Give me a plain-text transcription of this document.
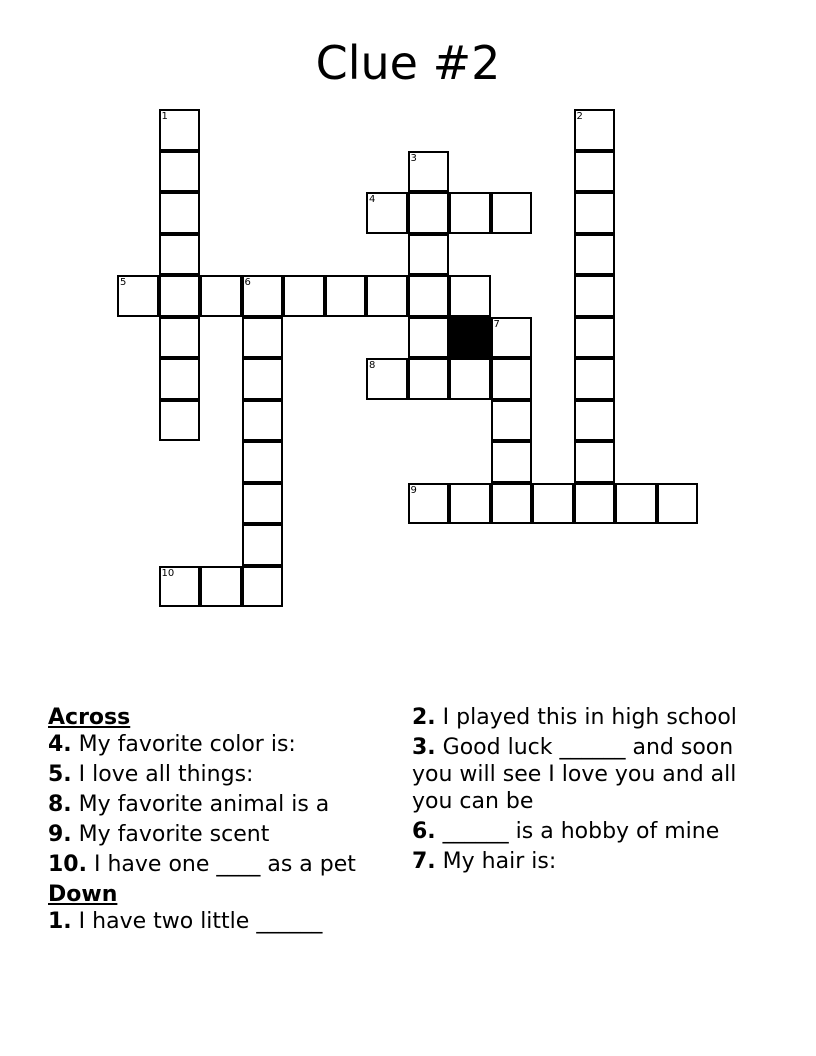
Clue #2
1	2
3
4
5	6
7
8
9
10
Across
4. My favorite color is:
5. I love all things:
8. My favorite animal is a
9. My favorite scent
10. I have one ____ as a pet
Down
1. I have two little ______
2. I played this in high school
3. Good luck ______ and soon you will see I love you and all you can be
6. ______ is a hobby of mine
7. My hair is:
